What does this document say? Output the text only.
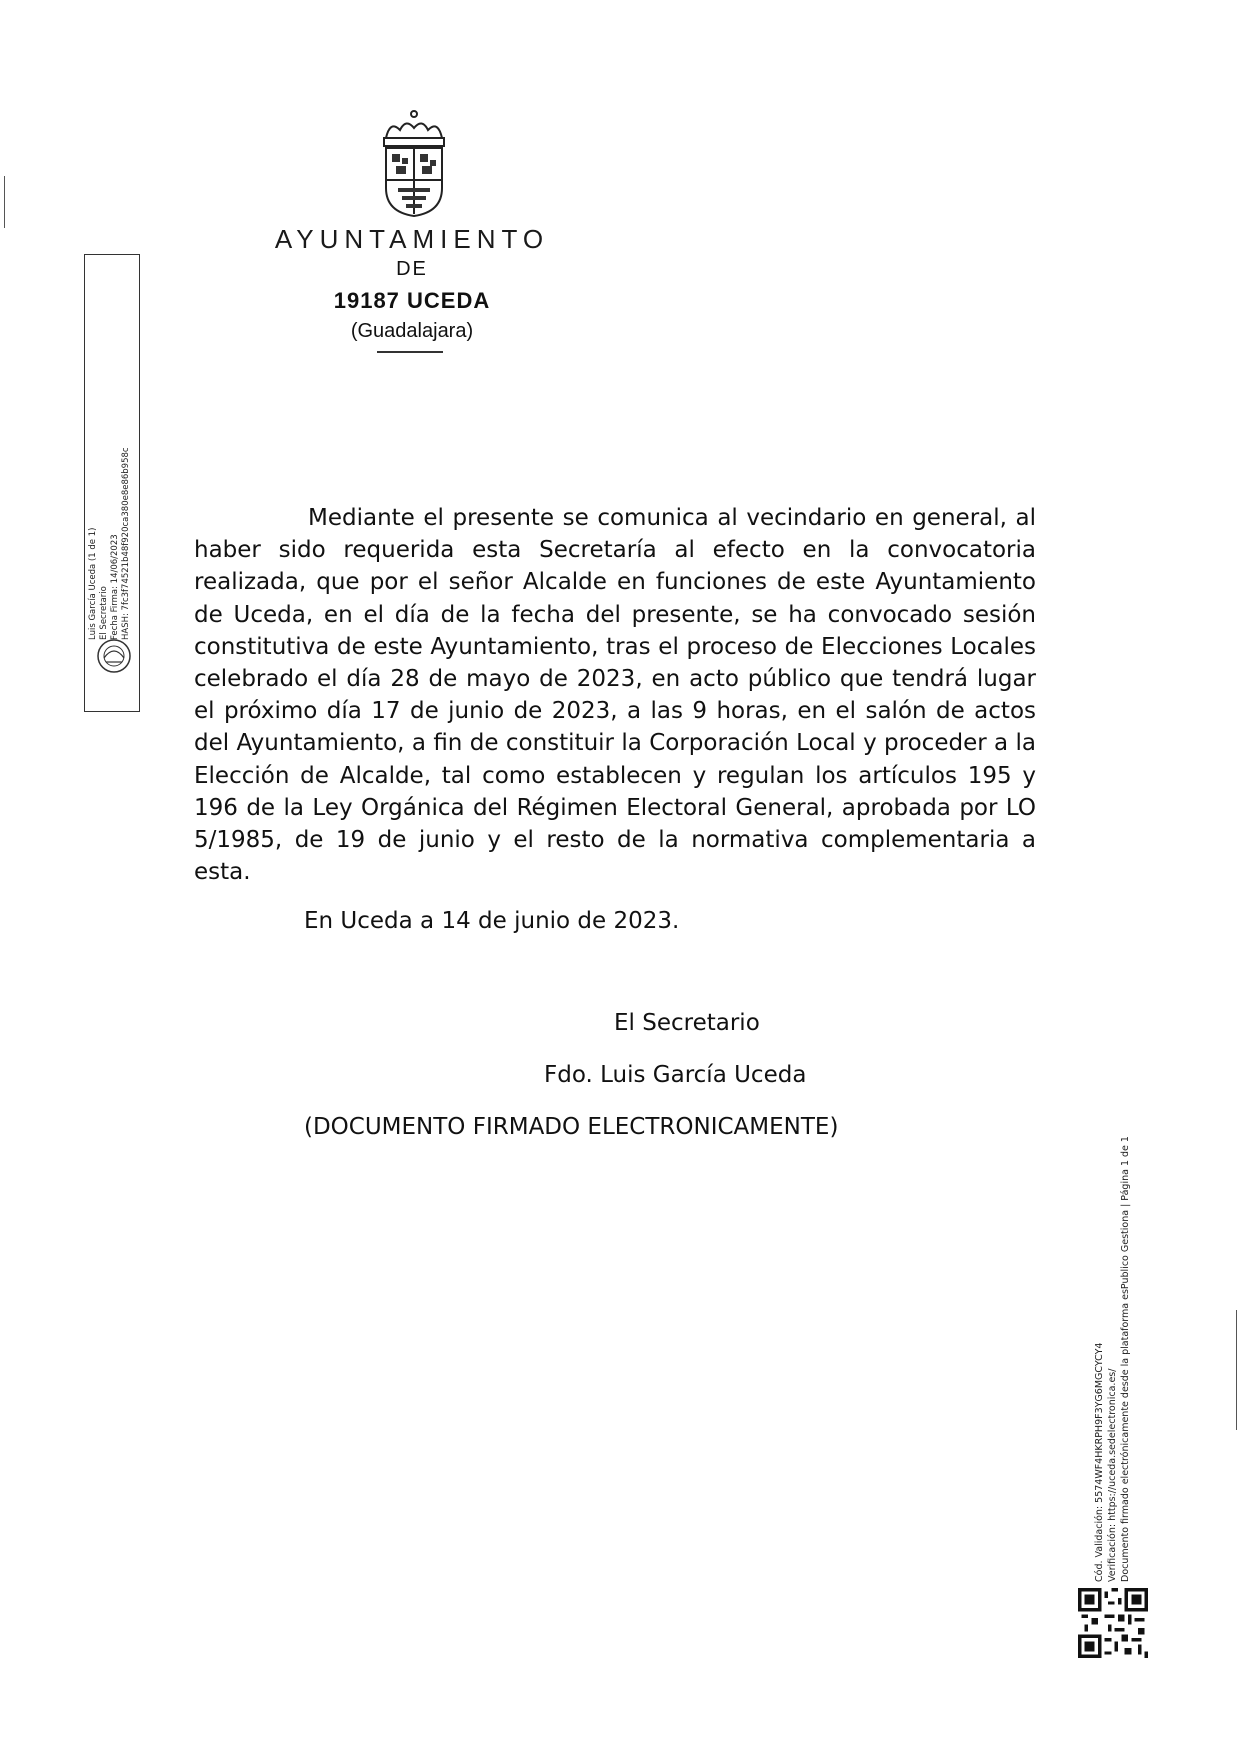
AYUNTAMIENTO
DE
19187 UCEDA
(Guadalajara)
Luis García Uceda (1 de 1) El Secretario Fecha Firma: 14/06/2023 HASH: 7fc3f74521b48f920ca380e8e86b958c	Mediante el presente se comunica al vecindario en general, al haber sido requerida esta Secretaría al efecto en la convocatoria realizada, que por el señor Alcalde en funciones de este Ayuntamiento de Uceda, en el día de la fecha del presente, se ha convocado sesión constitutiva de este Ayuntamiento, tras el proceso de Elecciones Locales celebrado el día 28 de mayo de 2023, en acto público que tendrá lugar el próximo día 17 de junio de 2023, a las 9 horas, en el salón de actos del Ayuntamiento, a fin de constituir la Corporación Local y proceder a la Elección de Alcalde, tal como establecen y regulan los artículos 195 y 196 de la Ley Orgánica del Régimen Electoral General, aprobada por LO 5/1985, de 19 de junio y el resto de la normativa complementaria a esta.
En Uceda a 14 de junio de 2023.
El Secretario
Fdo. Luis García Uceda
(DOCUMENTO FIRMADO ELECTRONICAMENTE)
Cód. Validación: 5574WF4HKRPH9F3YG6MGCYCY4 Verificación: https://uceda.sedelectronica.es/ Documento firmado electrónicamente desde la plataforma esPublico Gestiona | Página 1 de 1
